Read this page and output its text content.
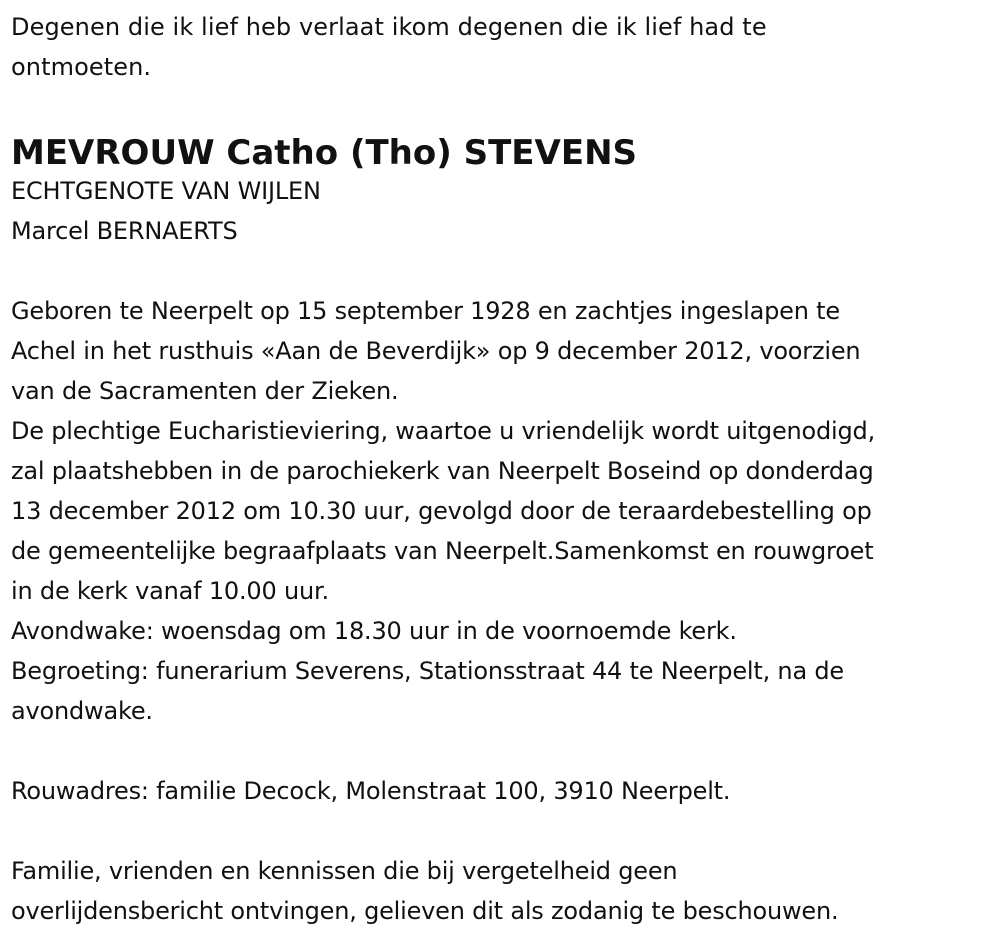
Degenen die ik lief heb verlaat ikom degenen die ik lief had te
ontmoeten.
MEVROUW Catho (Tho) STEVENS
ECHTGENOTE VAN WIJLEN
Marcel BERNAERTS
Geboren te Neerpelt op 15 september 1928 en zachtjes ingeslapen te
Achel in het rusthuis «Aan de Beverdijk» op 9 december 2012, voorzien
van de Sacramenten der Zieken.
De plechtige Eucharistieviering, waartoe u vriendelijk wordt uitgenodigd,
zal plaatshebben in de parochiekerk van Neerpelt Boseind op donderdag
13 december 2012 om 10.30 uur, gevolgd door de teraardebestelling op
de gemeentelijke begraafplaats van Neerpelt.Samenkomst en rouwgroet
in de kerk vanaf 10.00 uur.
Avondwake: woensdag om 18.30 uur in de voornoemde kerk.
Begroeting: funerarium Severens, Stationsstraat 44 te Neerpelt, na de
avondwake.
Rouwadres: familie Decock, Molenstraat 100, 3910 Neerpelt.
Familie, vrienden en kennissen die bij vergetelheid geen
overlijdensbericht ontvingen, gelieven dit als zodanig te beschouwen.
